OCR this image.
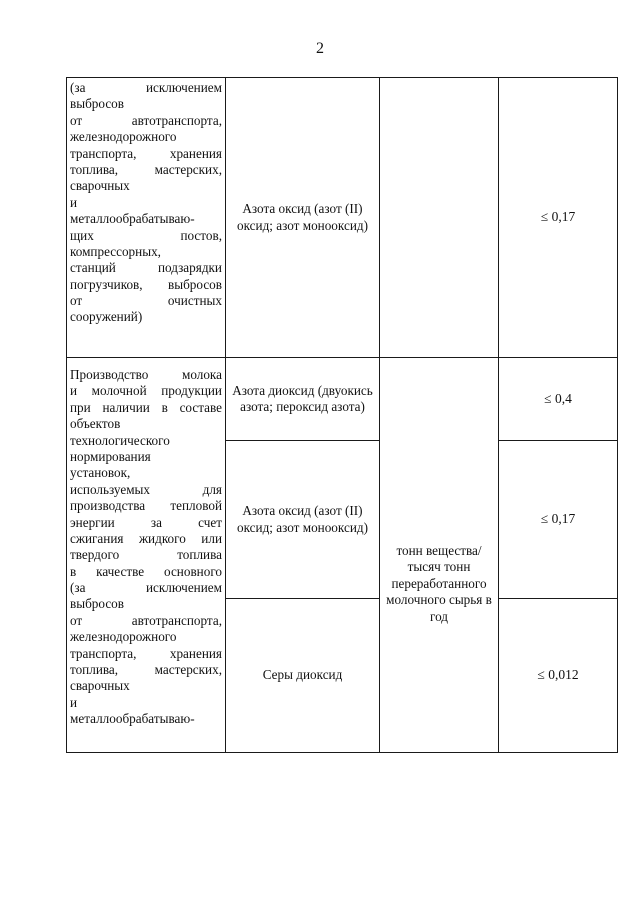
2
(за исключением
выбросов
от автотранспорта,
железнодорожного
транспорта, хранения
топлива, мастерских,
сварочных
и
металлообрабатываю-
щих постов,
компрессорных,
станций подзарядки
погрузчиков, выбросов
от очистных
сооружений)
Азота оксид (азот (II) оксид; азот монооксид)
≤ 0,17
Производство молока
и молочной продукции
при наличии в составе
объектов
технологического
нормирования
установок,
используемых для
производства тепловой
энергии за счет
сжигания жидкого или
твердого топлива
в качестве основного
(за исключением
выбросов
от автотранспорта,
железнодорожного
транспорта, хранения
топлива, мастерских,
сварочных
и
металлообрабатываю-
Азота диоксид (двуокись азота; пероксид азота)
Азота оксид (азот (II) оксид; азот монооксид)
Серы диоксид
тонн вещества/тысяч тонн переработанного молочного сырья в год
≤ 0,4
≤ 0,17
≤ 0,012
